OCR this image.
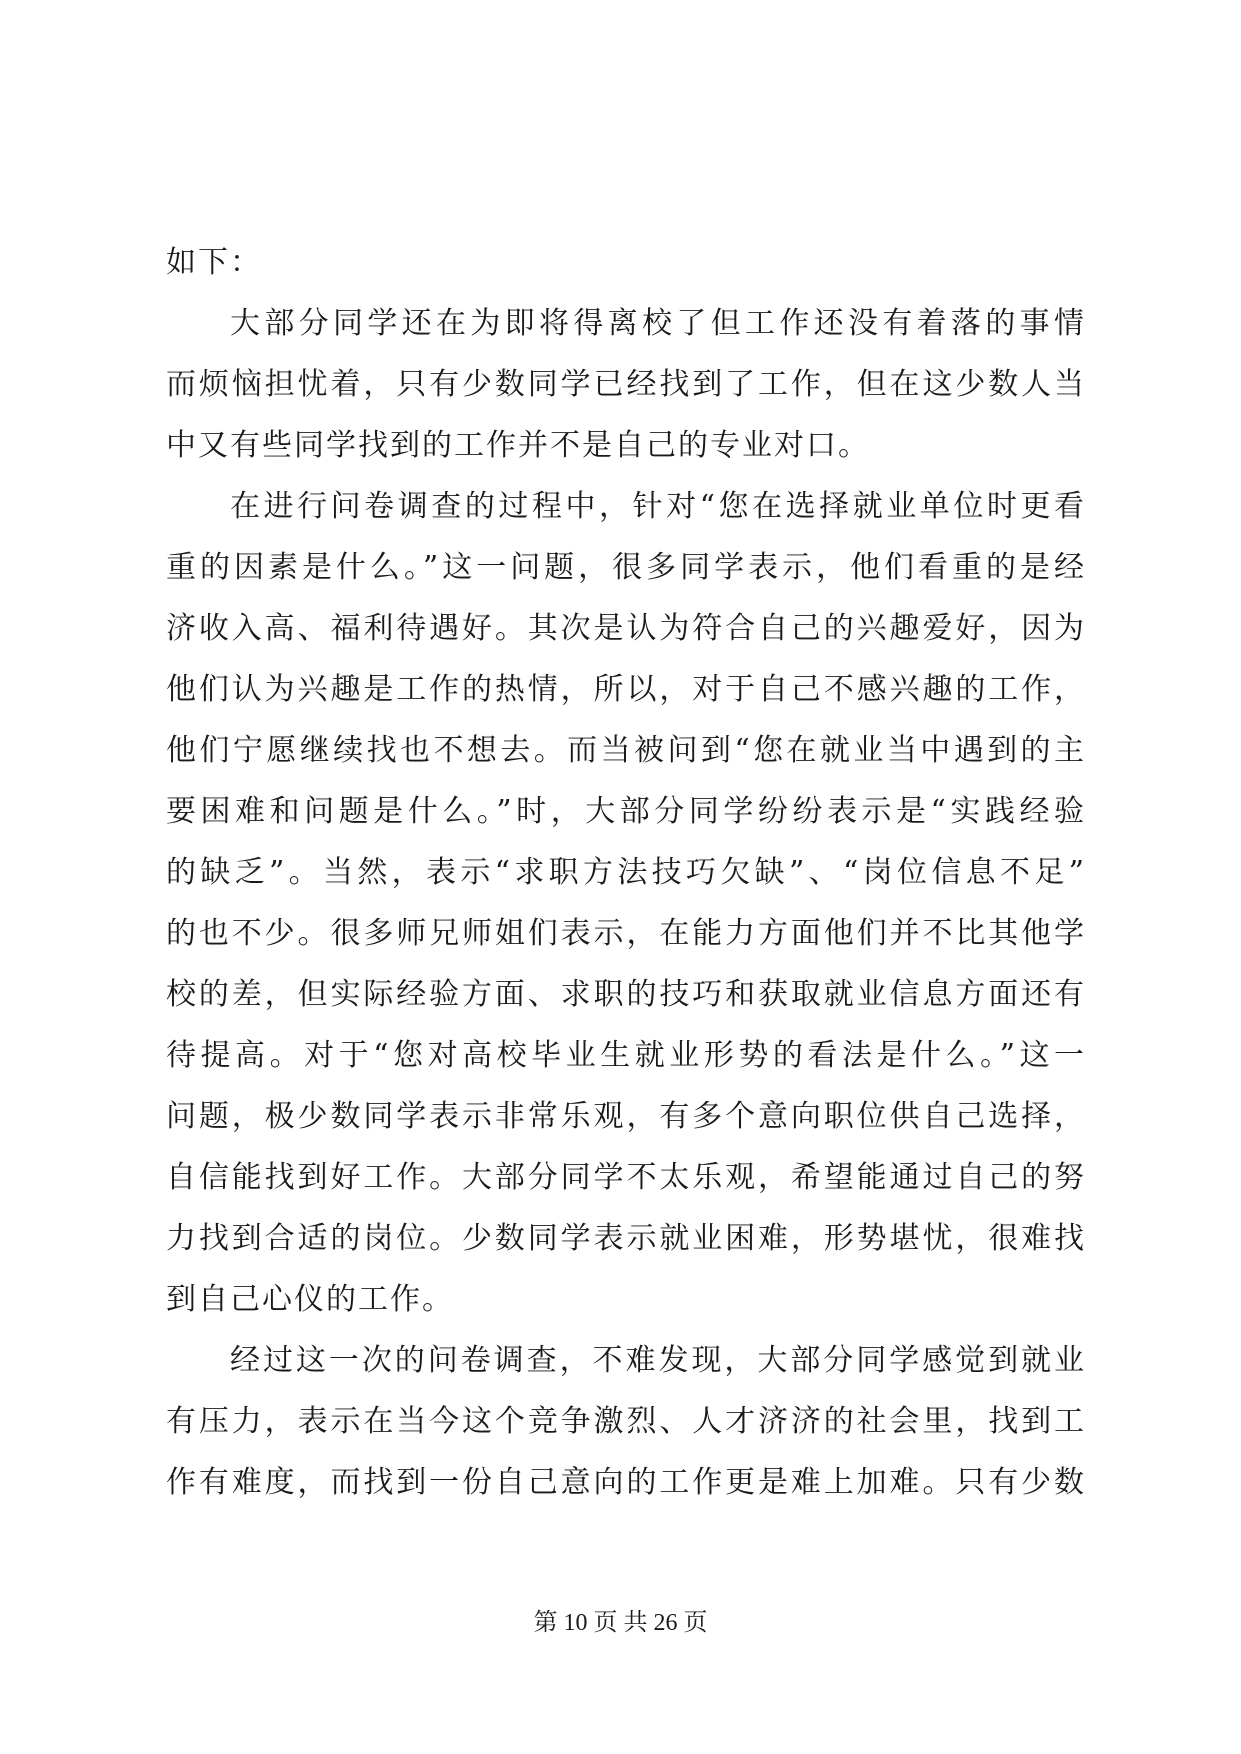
如下：
大部分同学还在为即将得离校了但工作还没有着落的事情
而烦恼担忧着，只有少数同学已经找到了工作，但在这少数人当
中又有些同学找到的工作并不是自己的专业对口。
在进行问卷调查的过程中，针对“您在选择就业单位时更看
重的因素是什么。”这一问题，很多同学表示，他们看重的是经
济收入高、福利待遇好。其次是认为符合自己的兴趣爱好，因为
他们认为兴趣是工作的热情，所以，对于自己不感兴趣的工作，
他们宁愿继续找也不想去。而当被问到“您在就业当中遇到的主
要困难和问题是什么。”时，大部分同学纷纷表示是“实践经验
的缺乏”。当然，表示“求职方法技巧欠缺”、“岗位信息不足”
的也不少。很多师兄师姐们表示，在能力方面他们并不比其他学
校的差，但实际经验方面、求职的技巧和获取就业信息方面还有
待提高。对于“您对高校毕业生就业形势的看法是什么。”这一
问题，极少数同学表示非常乐观，有多个意向职位供自己选择，
自信能找到好工作。大部分同学不太乐观，希望能通过自己的努
力找到合适的岗位。少数同学表示就业困难，形势堪忧，很难找
到自己心仪的工作。
经过这一次的问卷调查，不难发现，大部分同学感觉到就业
有压力，表示在当今这个竞争激烈、人才济济的社会里，找到工
作有难度，而找到一份自己意向的工作更是难上加难。只有少数
第 10 页 共 26 页
